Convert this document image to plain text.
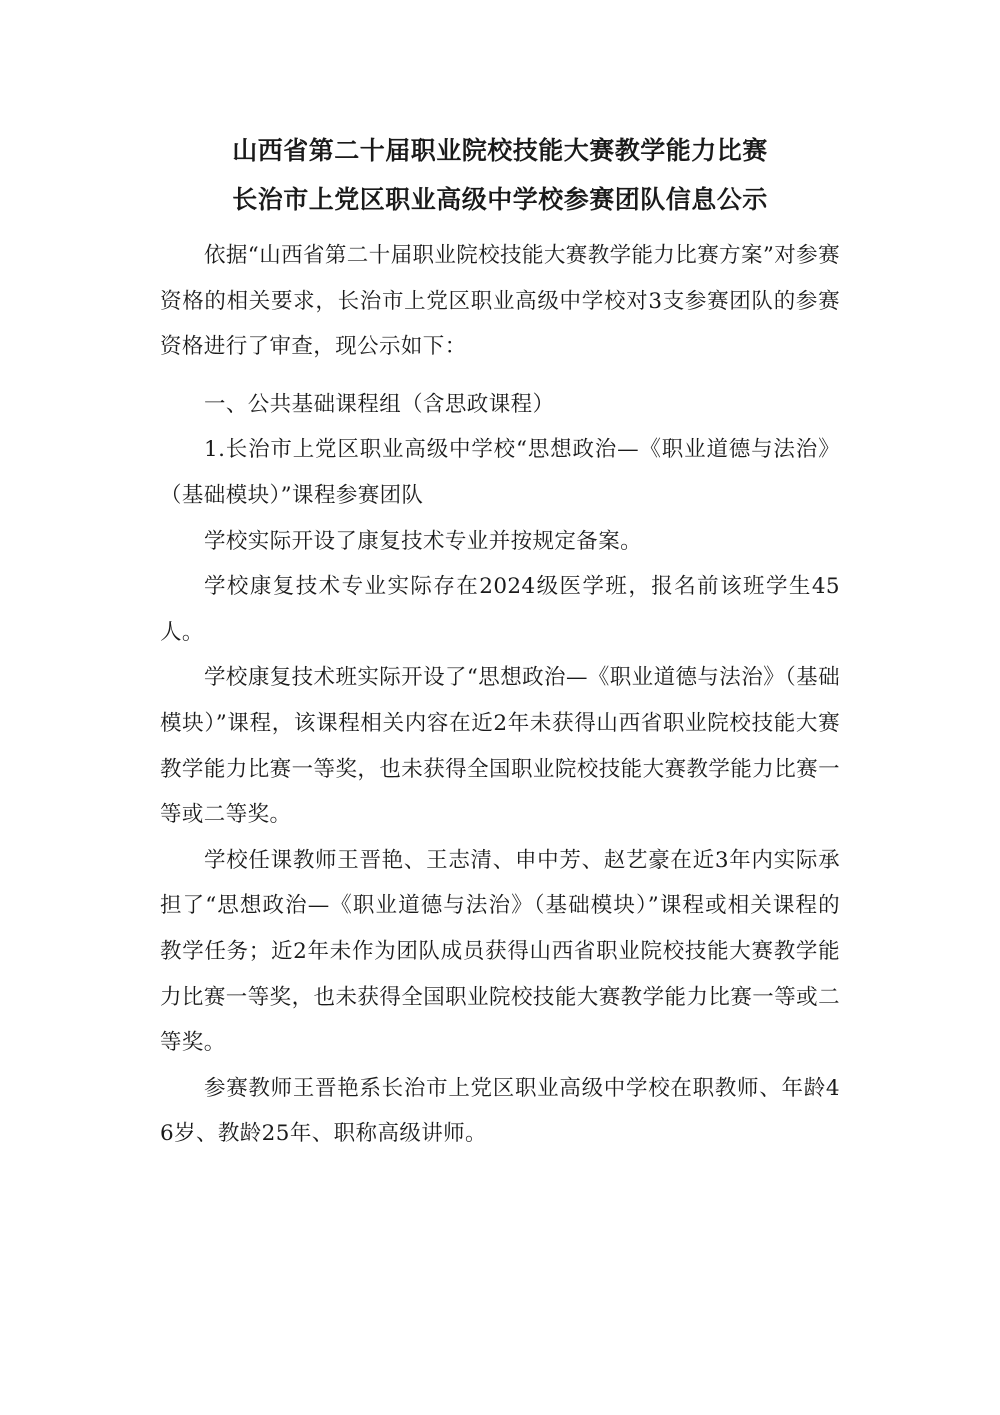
山西省第二十届职业院校技能大赛教学能力比赛
长治市上党区职业高级中学校参赛团队信息公示

依据“山西省第二十届职业院校技能大赛教学能力比赛方案”对参赛资格的相关要求，长治市上党区职业高级中学校对3支参赛团队的参赛资格进行了审查，现公示如下：

一、公共基础课程组（含思政课程）

1.长治市上党区职业高级中学校“思想政治—《职业道德与法治》（基础模块）”课程参赛团队

学校实际开设了康复技术专业并按规定备案。

学校康复技术专业实际存在2024级医学班，报名前该班学生45人。

学校康复技术班实际开设了“思想政治—《职业道德与法治》（基础模块）”课程，该课程相关内容在近2年未获得山西省职业院校技能大赛教学能力比赛一等奖，也未获得全国职业院校技能大赛教学能力比赛一等或二等奖。

学校任课教师王晋艳、王志清、申中芳、赵艺豪在近3年内实际承担了“思想政治—《职业道德与法治》（基础模块）”课程或相关课程的教学任务；近2年未作为团队成员获得山西省职业院校技能大赛教学能力比赛一等奖，也未获得全国职业院校技能大赛教学能力比赛一等或二等奖。

参赛教师王晋艳系长治市上党区职业高级中学校在职教师、年龄46岁、教龄25年、职称高级讲师。
